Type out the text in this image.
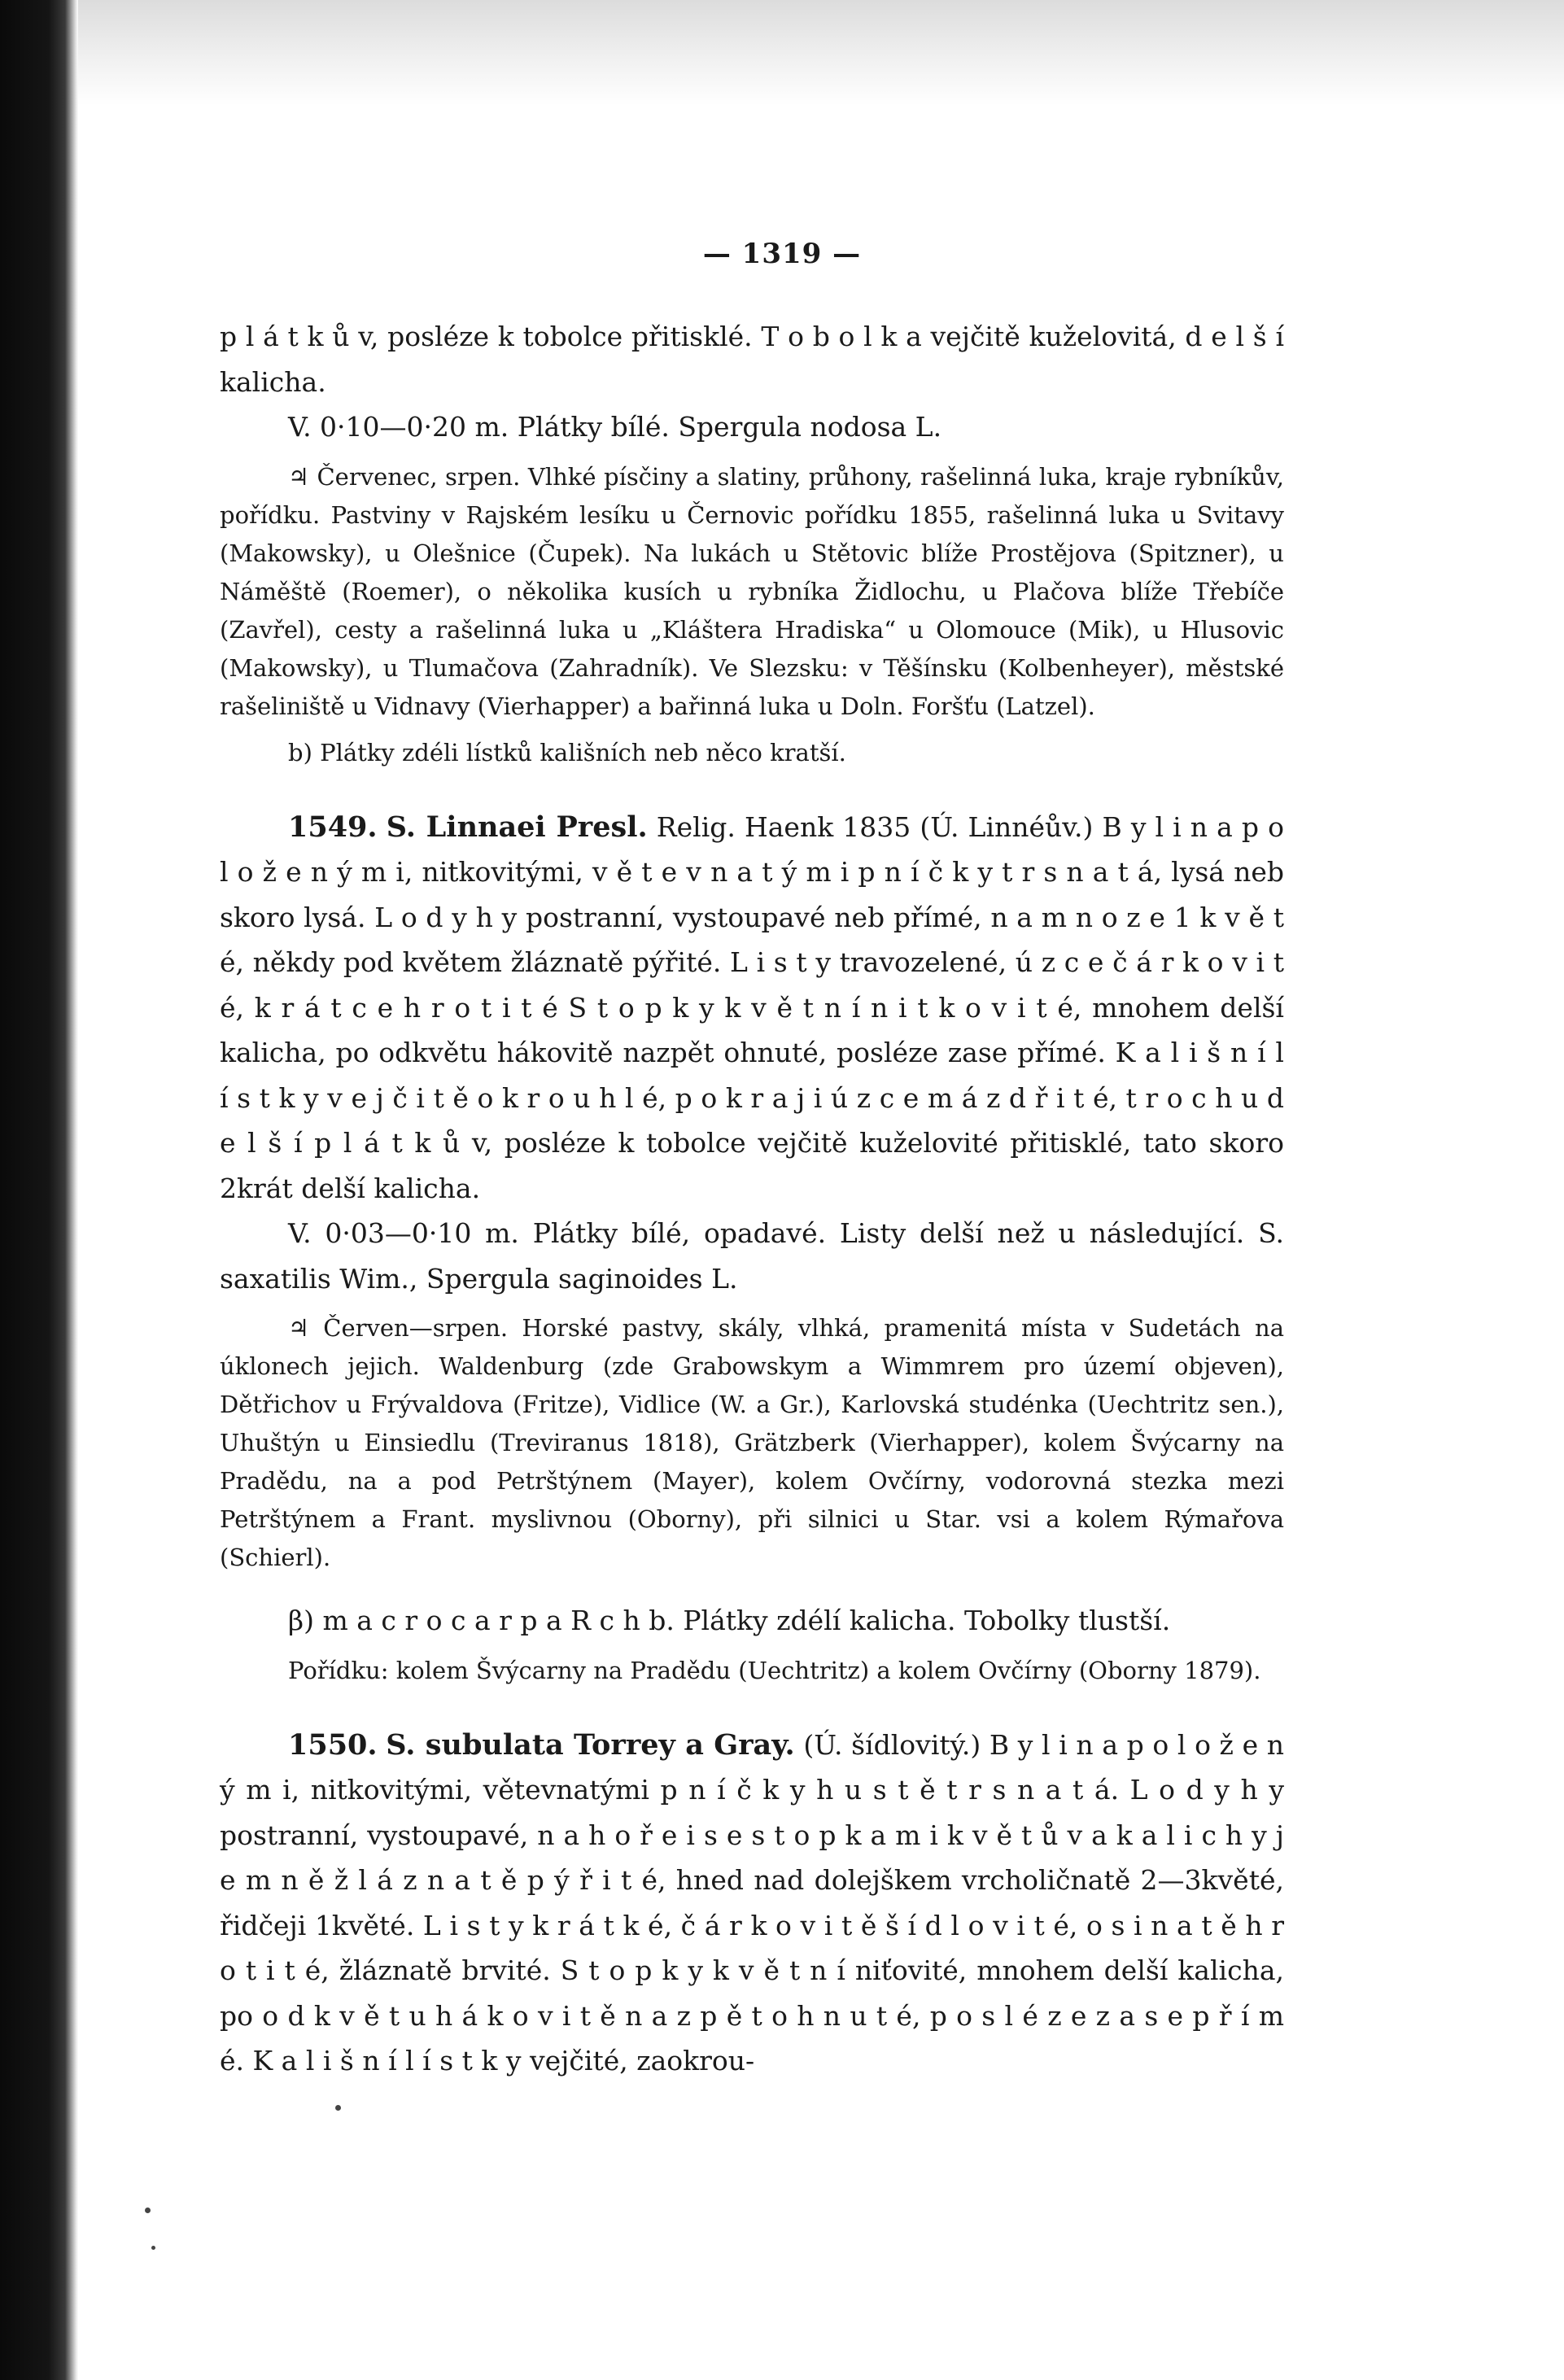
— 1319 —

p l á t k ů v, posléze k tobolce přitisklé. T o b o l k a vejčitě kuželovitá, d e l š í kalicha.

V. 0·10—0·20 m. Plátky bílé. Spergula nodosa L.

♃ Červenec, srpen. Vlhké písčiny a slatiny, průhony, rašelinná luka, kraje rybníkův, pořídku. Pastviny v Rajském lesíku u Černovic pořídku 1855, rašelinná luka u Svitavy (Makowsky), u Olešnice (Čupek). Na lukách u Stětovic blíže Prostějova (Spitzner), u Náměště (Roemer), o několika kusích u rybníka Židlochu, u Plačova blíže Třebíče (Zavřel), cesty a rašelinná luka u „Kláštera Hradiska“ u Olomouce (Mik), u Hlusovic (Makowsky), u Tlumačova (Zahradník). Ve Slezsku: v Těšínsku (Kolbenheyer), městské rašeliniště u Vidnavy (Vierhapper) a bařinná luka u Doln. Foršťu (Latzel).

b) Plátky zdéli lístků kališních neb něco kratší.

1549. S. Linnaei Presl. Relig. Haenk 1835 (Ú. Linnéův.) B y l i n a p o l o ž e n ý m i, nitkovitými, v ě t e v n a t ý m i p n í č k y t r s n a t á, lysá neb skoro lysá. L o d y h y postranní, vystoupavé neb přímé, n a m n o z e 1 k v ě t é, někdy pod květem žláznatě pýřité. L i s t y travozelené, ú z c e č á r k o v i t é, k r á t c e h r o t i t é S t o p k y k v ě t n í n i t k o v i t é, mnohem delší kalicha, po odkvětu hákovitě nazpět ohnuté, posléze zase přímé. K a l i š n í l í s t k y v e j č i t ě o k r o u h l é, p o k r a j i ú z c e m á z d ř i t é, t r o c h u d e l š í p l á t k ů v, posléze k tobolce vejčitě kuželovité přitisklé, tato skoro 2krát delší kalicha.

V. 0·03—0·10 m. Plátky bílé, opadavé. Listy delší než u následující. S. saxatilis Wim., Spergula saginoides L.

♃ Červen—srpen. Horské pastvy, skály, vlhká, pramenitá místa v Sudetách na úklonech jejich. Waldenburg (zde Grabowskym a Wimmrem pro území objeven), Dětřichov u Frývaldova (Fritze), Vidlice (W. a Gr.), Karlovská studénka (Uechtritz sen.), Uhuštýn u Einsiedlu (Treviranus 1818), Grätzberk (Vierhapper), kolem Švýcarny na Pradědu, na a pod Petrštýnem (Mayer), kolem Ovčírny, vodorovná stezka mezi Petrštýnem a Frant. myslivnou (Oborny), při silnici u Star. vsi a kolem Rýmařova (Schierl).

β) m a c r o c a r p a R c h b. Plátky zdélí kalicha. Tobolky tlustší.

Pořídku: kolem Švýcarny na Pradědu (Uechtritz) a kolem Ovčírny (Oborny 1879).

1550. S. subulata Torrey a Gray. (Ú. šídlovitý.) B y l i n a p o l o ž e n ý m i, nitkovitými, větevnatými p n í č k y h u s t ě t r s n a t á. L o d y h y postranní, vystoupavé, n a h o ř e i s e s t o p k a m i k v ě t ů v a k a l i c h y j e m n ě ž l á z n a t ě p ý ř i t é, hned nad dolejškem vrcholičnatě 2—3květé, řidčeji 1květé. L i s t y k r á t k é, č á r k o v i t ě š í d l o v i t é, o s i n a t ě h r o t i t é, žláznatě brvité. S t o p k y k v ě t n í niťovité, mnohem delší kalicha, po o d k v ě t u h á k o v i t ě n a z p ě t o h n u t é, p o s l é z e z a s e p ř í m é. K a l i š n í l í s t k y vejčité, zaokrou-
